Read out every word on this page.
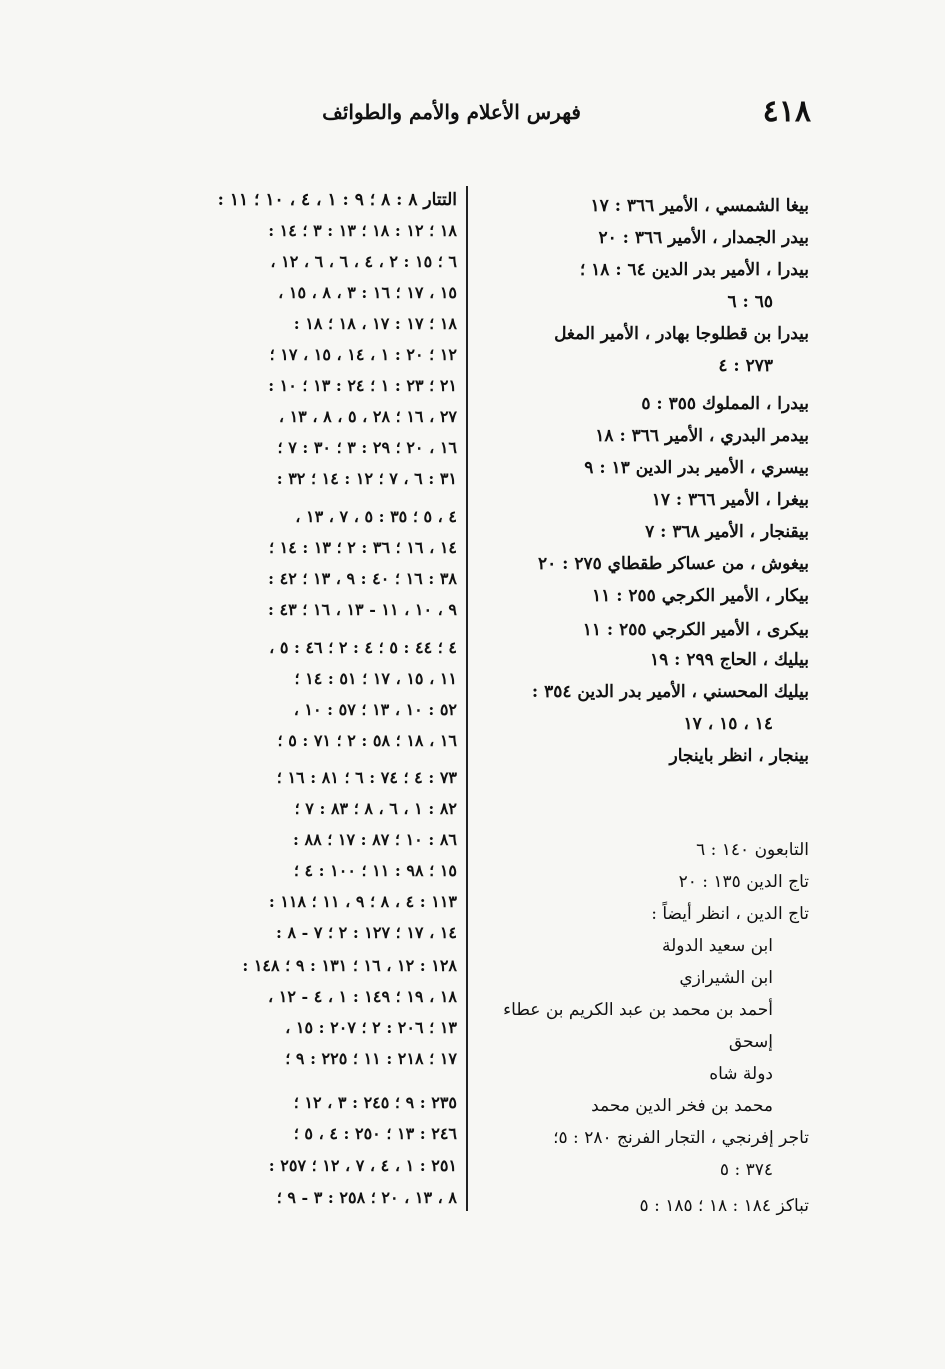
٤١٨
فهرس الأعلام والأمم والطوائف
بيغا الشمسي ، الأمير ٣٦٦ : ١٧
بيدر الجمدار ، الأمير ٣٦٦ : ٢٠
بيدرا ، الأمير بدر الدين ٦٤ : ١٨ ؛
٦٥ : ٦
بيدرا بن قطلوجا بهادر ، الأمير المغل
٢٧٣ : ٤
بيدرا ، المملوك ٣٥٥ : ٥
بيدمر البدري ، الأمير ٣٦٦ : ١٨
بيسري ، الأمير بدر الدين ١٣ : ٩
بيغرا ، الأمير ٣٦٦ : ١٧
بيقنجار ، الأمير ٣٦٨ : ٧
بيغوش ، من عساكر طقطاي ٢٧٥ : ٢٠
بيكار ، الأمير الكرجي ٢٥٥ : ١١
بيكرى ، الأمير الكرجي ٢٥٥ : ١١
بيليك ، الحاج ٢٩٩ : ١٩
بيليك المحسني ، الأمير بدر الدين ٣٥٤ :
١٤ ، ١٥ ، ١٧
بينجار ، انظر باينجار
التابعون ١٤٠ : ٦
تاج الدين ١٣٥ : ٢٠
تاج الدين ، انظر أيضاً :
ابن سعيد الدولة
ابن الشيرازي
أحمد بن محمد بن عبد الكريم بن عطاء
إسحق
دولة شاه
محمد بن فخر الدين محمد
تاجر إفرنجي ، التجار الفرنج ٢٨٠ : ٥؛
٣٧٤ : ٥
تباكز ١٨٤ : ١٨ ؛ ١٨٥ : ٥
التتار ٨ : ٨ ؛ ٩ : ١ ، ٤ ، ١٠ ؛ ١١ :
١٨ ؛ ١٢ : ١٨ ؛ ١٣ : ٣ ؛ ١٤ :
٦ ؛ ١٥ : ٢ ، ٤ ، ٦ ، ٦ ، ١٢ ،
١٥ ، ١٧ ؛ ١٦ : ٣ ، ٨ ، ١٥ ،
١٨ ؛ ١٧ : ١٧ ، ١٨ ؛ ١٨ :
١٢ ؛ ٢٠ : ١ ، ١٤ ، ١٥ ، ١٧ ؛
٢١ ؛ ٢٣ : ١ ؛ ٢٤ : ١٣ ؛ ١٠ :
٢٧ ، ١٦ ؛ ٢٨ ، ٥ ، ٨ ، ١٣ ،
١٦ ، ٢٠ ؛ ٢٩ : ٣ ؛ ٣٠ : ٧ ؛
٣١ : ٦ ، ٧ ؛ ١٢ : ١٤ ؛ ٣٢ :
٤ ، ٥ ؛ ٣٥ : ٥ ، ٧ ، ١٣ ،
١٤ ، ١٦ ؛ ٣٦ : ٢ ؛ ١٣ : ١٤ ؛
٣٨ : ١٦ ؛ ٤٠ : ٩ ، ١٣ ؛ ٤٢ :
٩ ، ١٠ ، ١١ - ١٣ ، ١٦ ؛ ٤٣ :
٤ ؛ ٤٤ : ٥ ؛ ٤ : ٢ ؛ ٤٦ : ٥ ،
١١ ، ١٥ ، ١٧ ؛ ٥١ : ١٤ ؛
٥٢ : ١٠ ، ١٣ ؛ ٥٧ : ١٠ ،
١٦ ، ١٨ ؛ ٥٨ : ٢ ؛ ٧١ : ٥ ؛
٧٣ : ٤ ؛ ٧٤ : ٦ ؛ ٨١ : ١٦ ؛
٨٢ : ١ ، ٦ ، ٨ ؛ ٨٣ : ٧ ؛
٨٦ : ١٠ ؛ ٨٧ : ١٧ ؛ ٨٨ :
١٥ ؛ ٩٨ : ١١ ؛ ١٠٠ : ٤ ؛
١١٣ : ٤ ، ٨ ؛ ٩ ، ١١ ؛ ١١٨ :
١٤ ، ١٧ ؛ ١٢٧ : ٢ ؛ ٧ - ٨ :
١٢٨ : ١٢ ، ١٦ ؛ ١٣١ : ٩ ؛ ١٤٨ :
١٨ ، ١٩ ؛ ١٤٩ : ١ ، ٤ - ١٢ ،
١٣ ؛ ٢٠٦ : ٢ ؛ ٢٠٧ : ١٥ ،
١٧ ؛ ٢١٨ : ١١ ؛ ٢٢٥ : ٩ ؛
٢٣٥ : ٩ ؛ ٢٤٥ : ٣ ، ١٢ ؛
٢٤٦ : ١٣ ؛ ٢٥٠ : ٤ ، ٥ ؛
٢٥١ : ١ ، ٤ ، ٧ ، ١٢ ؛ ٢٥٧ :
٨ ، ١٣ ، ٢٠ ؛ ٢٥٨ : ٣ - ٩ ؛
